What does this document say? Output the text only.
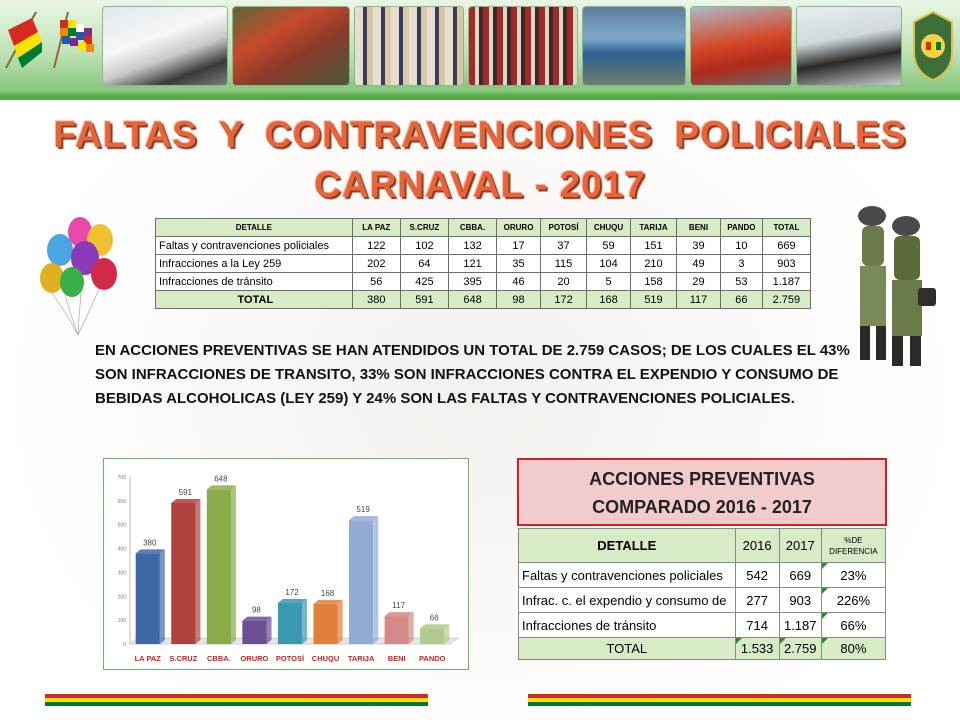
FALTAS Y CONTRAVENCIONES POLICIALES
CARNAVAL - 2017
DETALLE	LA PAZ	S.CRUZ	CBBA.	ORURO	POTOSÍ	CHUQU	TARIJA	BENI	PANDO	TOTAL
Faltas y contravenciones policiales	122	102	132	17	37	59	151	39	10	669
Infracciones a la Ley 259	202	64	121	35	115	104	210	49	3	903
Infracciones de tránsito	56	425	395	46	20	5	158	29	53	1.187
TOTAL	380	591	648	98	172	168	519	117	66	2.759
EN ACCIONES PREVENTIVAS SE HAN ATENDIDOS UN TOTAL DE 2.759 CASOS; DE LOS CUALES EL 43% SON INFRACCIONES DE TRANSITO, 33% SON INFRACCIONES CONTRA EL EXPENDIO Y CONSUMO DE BEBIDAS ALCOHOLICAS (LEY 259) Y 24% SON LAS FALTAS Y CONTRAVENCIONES POLICIALES.
0
100
200
300
400
500
600
700
380
LA PAZ
591
S.CRUZ
648
CBBA.
98
ORURO
172
POTOSÍ
168
CHUQU
519
TARIJA
117
BENI
66
PANDO
ACCIONES PREVENTIVAS
COMPARADO 2016 - 2017
DETALLE	2016	2017	%DE
DIFERENCIA

Faltas y contravenciones policiales	542	669	23%
Infrac. c. el expendio y consumo de	277	903	226%
Infracciones de tránsito	714	1.187	66%
TOTAL	1.533	2.759	80%
